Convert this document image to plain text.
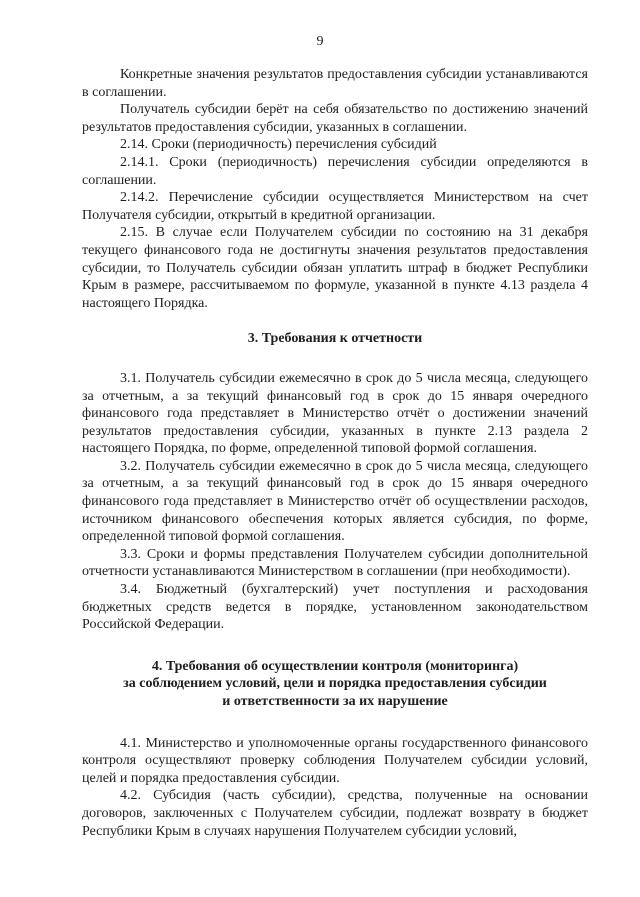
9

Конкретные значения результатов предоставления субсидии устанавливаются в соглашении.

Получатель субсидии берёт на себя обязательство по достижению значений результатов предоставления субсидии, указанных в соглашении.

2.14. Сроки (периодичность) перечисления субсидий

2.14.1. Сроки (периодичность) перечисления субсидии определяются в соглашении.

2.14.2. Перечисление субсидии осуществляется Министерством на счет Получателя субсидии, открытый в кредитной организации.

2.15. В случае если Получателем субсидии по состоянию на 31 декабря текущего финансового года не достигнуты значения результатов предоставления субсидии, то Получатель субсидии обязан уплатить штраф в бюджет Республики Крым в размере, рассчитываемом по формуле, указанной в пункте 4.13 раздела 4 настоящего Порядка.

3. Требования к отчетности

3.1. Получатель субсидии ежемесячно в срок до 5 числа месяца, следующего за отчетным, а за текущий финансовый год в срок до 15 января очередного финансового года представляет в Министерство отчёт о достижении значений результатов предоставления субсидии, указанных в пункте 2.13 раздела 2 настоящего Порядка, по форме, определенной типовой формой соглашения.

3.2. Получатель субсидии ежемесячно в срок до 5 числа месяца, следующего за отчетным, а за текущий финансовый год в срок до 15 января очередного финансового года представляет в Министерство отчёт об осуществлении расходов, источником финансового обеспечения которых является субсидия, по форме, определенной типовой формой соглашения.

3.3. Сроки и формы представления Получателем субсидии дополнительной отчетности устанавливаются Министерством в соглашении (при необходимости).

3.4. Бюджетный (бухгалтерский) учет поступления и расходования бюджетных средств ведется в порядке, установленном законодательством Российской Федерации.

4. Требования об осуществлении контроля (мониторинга)
за соблюдением условий, цели и порядка предоставления субсидии
и ответственности за их нарушение

4.1. Министерство и уполномоченные органы государственного финансового контроля осуществляют проверку соблюдения Получателем субсидии условий, целей и порядка предоставления субсидии.

4.2. Субсидия (часть субсидии), средства, полученные на основании договоров, заключенных с Получателем субсидии, подлежат возврату в бюджет Республики Крым в случаях нарушения Получателем субсидии условий,
